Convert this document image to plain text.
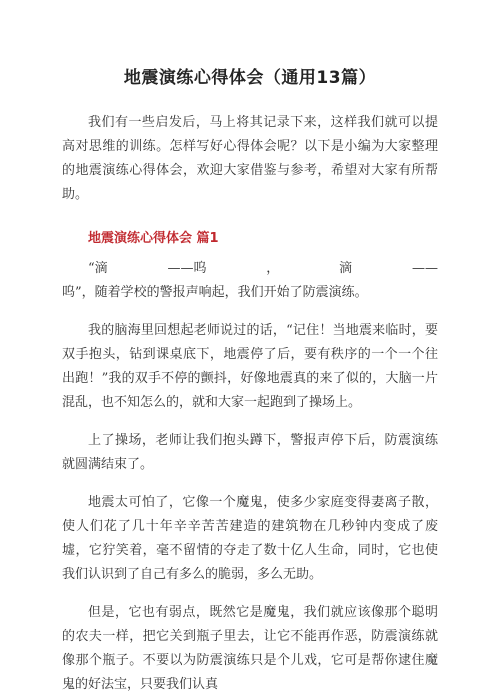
地震演练心得体会（通用13篇）

我们有一些启发后，马上将其记录下来，这样我们就可以提高对思维的训练。怎样写好心得体会呢？以下是小编为大家整理的地震演练心得体会，欢迎大家借鉴与参考，希望对大家有所帮助。

地震演练心得体会 篇1
“滴	——呜	，	滴	——

呜”，随着学校的警报声响起，我们开始了防震演练。

我的脑海里回想起老师说过的话，“记住！当地震来临时，要双手抱头，钻到课桌底下，地震停了后，要有秩序的一个一个往出跑！”我的双手不停的颤抖，好像地震真的来了似的，大脑一片混乱，也不知怎么的，就和大家一起跑到了操场上。

上了操场，老师让我们抱头蹲下，警报声停下后，防震演练就圆满结束了。

地震太可怕了，它像一个魔鬼，使多少家庭变得妻离子散，使人们花了几十年辛辛苦苦建造的建筑物在几秒钟内变成了废墟，它狞笑着，毫不留情的夺走了数十亿人生命，同时，它也使我们认识到了自己有多么的脆弱，多么无助。

但是，它也有弱点，既然它是魔鬼，我们就应该像那个聪明的农夫一样，把它关到瓶子里去，让它不能再作恶，防震演练就像那个瓶子。不要以为防震演练只是个儿戏，它可是帮你逮住魔鬼的好法宝，只要我们认真
